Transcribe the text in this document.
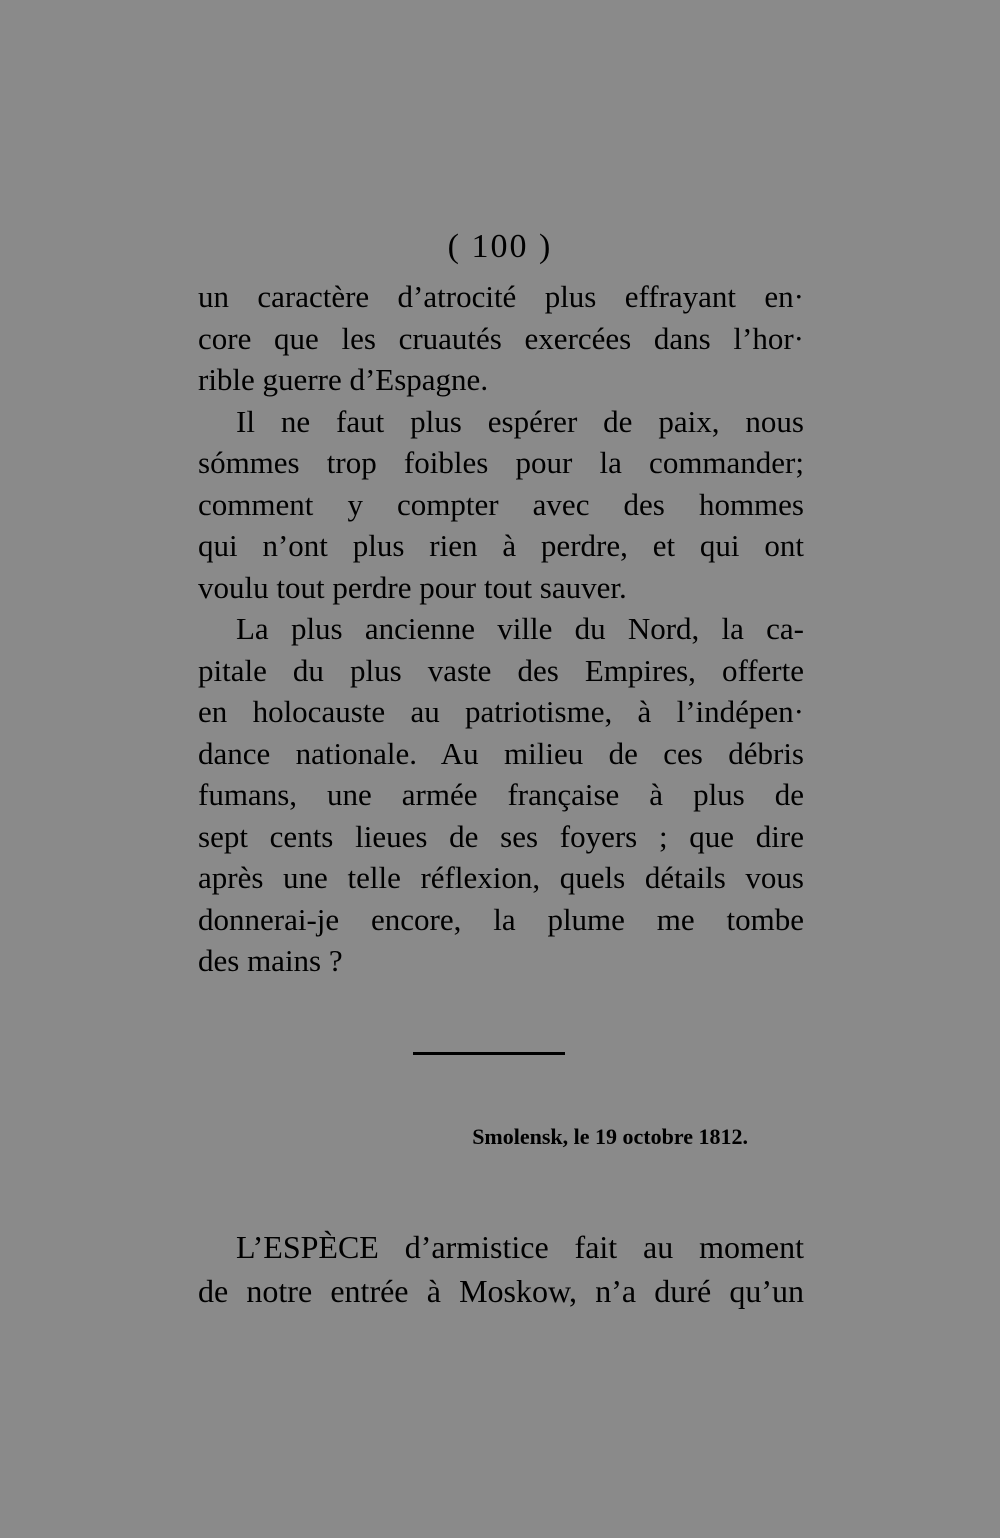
( 100 )
un caractère d’atrocité plus effrayant en·
core que les cruautés exercées dans l’hor·
rible guerre d’Espagne.
Il ne faut plus espérer de paix, nous
sómmes trop foibles pour la commander;
comment y compter avec des hommes
qui n’ont plus rien à perdre, et qui ont
voulu tout perdre pour tout sauver.
La plus ancienne ville du Nord, la ca-
pitale du plus vaste des Empires, offerte
en holocauste au patriotisme, à l’indépen·
dance nationale. Au milieu de ces débris
fumans, une armée française à plus de
sept cents lieues de ses foyers ; que dire
après une telle réflexion, quels détails vous
donnerai-je encore, la plume me tombe
des mains ?
Smolensk, le 19 octobre 1812.
L’ESPÈCE d’armistice fait au moment
de notre entrée à Moskow, n’a duré qu’un
